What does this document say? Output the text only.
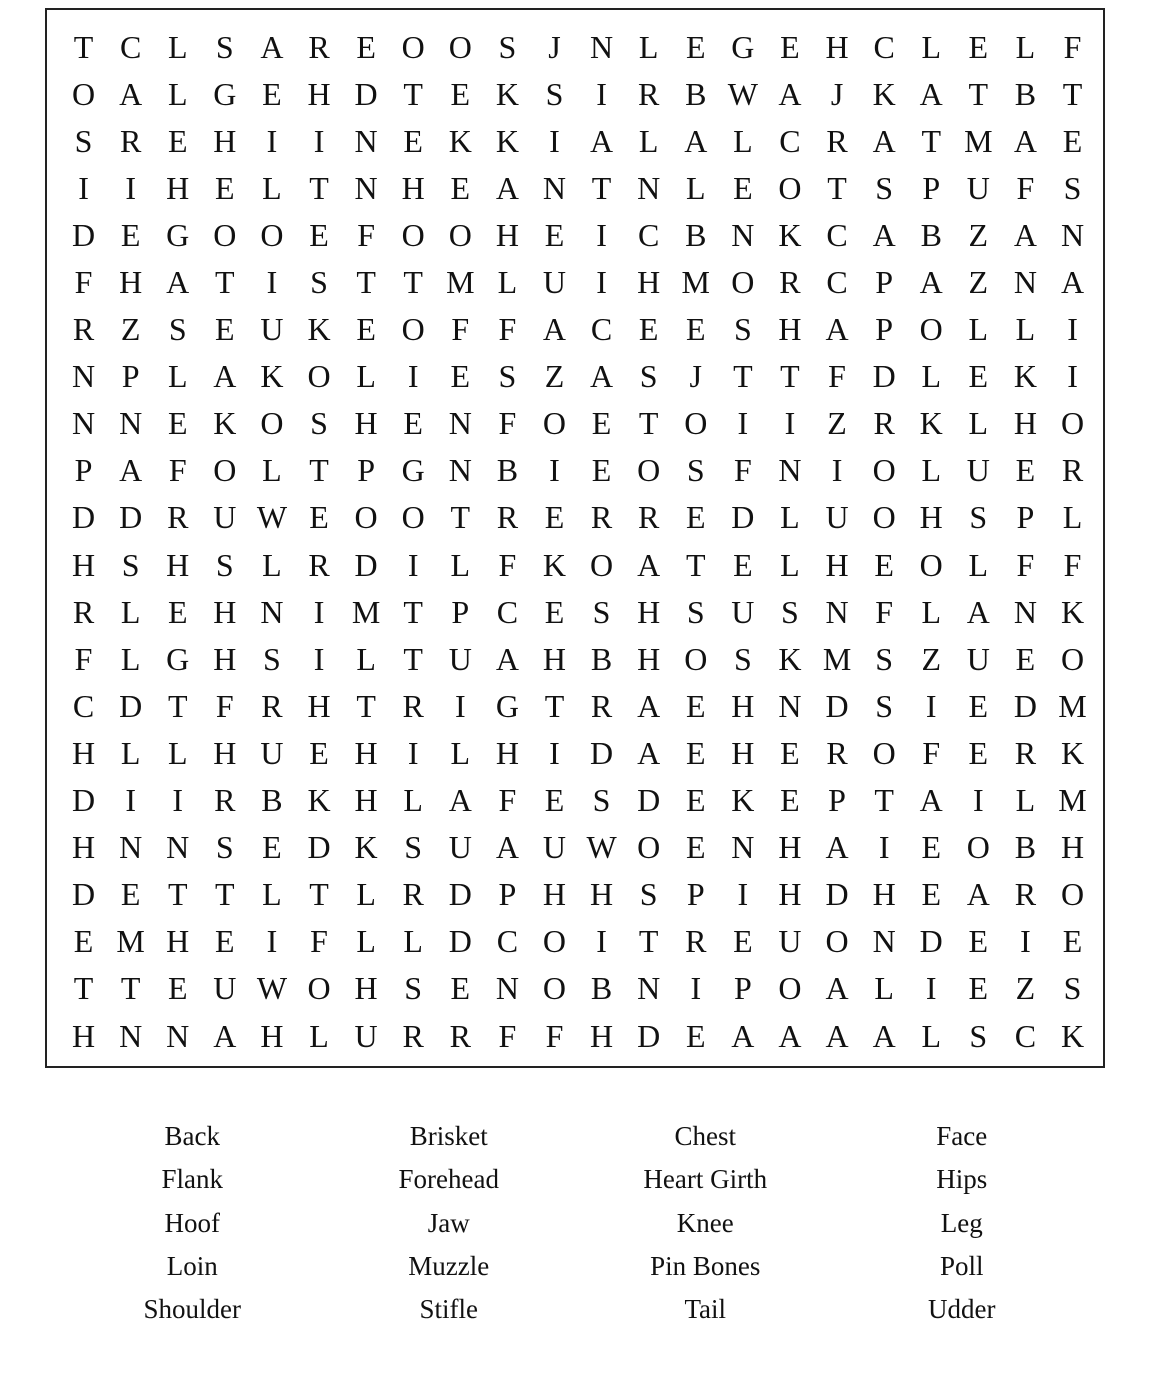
T C L S A R E O O S J N L E G E H C L E L F
O A L G E H D T E K S	I R B W A J K A T B T
S R E H I	I N E K K I A L A L C R A T M A E
I	I H E L T N H E A N T N L E O T S P U F S
D E G O O E F O O H E	I C B N K C A B Z A N
F H A T	I	S T T M L U I H M O R C P A Z N A
R Z S E U K E O F F A C E E S H A P O L L	I
N P L A K O L	I E S Z A S J T T F D L E K I
N N E K O S H E N F O E T O I	I Z R K L H O
P A F O L T P G N B I E O S F N I O L U E R
D D R U W E O O T R E R R E D L U O H S P L
H S H S L R D I L F K O A T E L H E O L F F
R L E H N I M T P C E S H S U S N F L A N K
F L G H S	I L T U A H B H O S K M S Z U E O
C D T F R H T R I G T R A E H N D S	I E D M
H L L H U E H I L H I D A E H E R O F E R K
D I	I R B K H L A F E S D E K E P T A I L M
H N N S E D K S U A U W O E N H A I E O B H
D E T T L T L R D P H H S P	I H D H E A R O
E M H E	I	F L L D C O I T R E U O N D E	I E
T T E U W O H S E N O B N I	P O A L	I E Z S
H N N A H L U R R F F H D E A A A A L S C K
Back	Brisket	Chest	Face
Flank	Forehead	Heart Girth	Hips
Hoof	Jaw	Knee	Leg
Loin	Muzzle	Pin Bones	Poll
Shoulder	Stifle	Tail	Udder
